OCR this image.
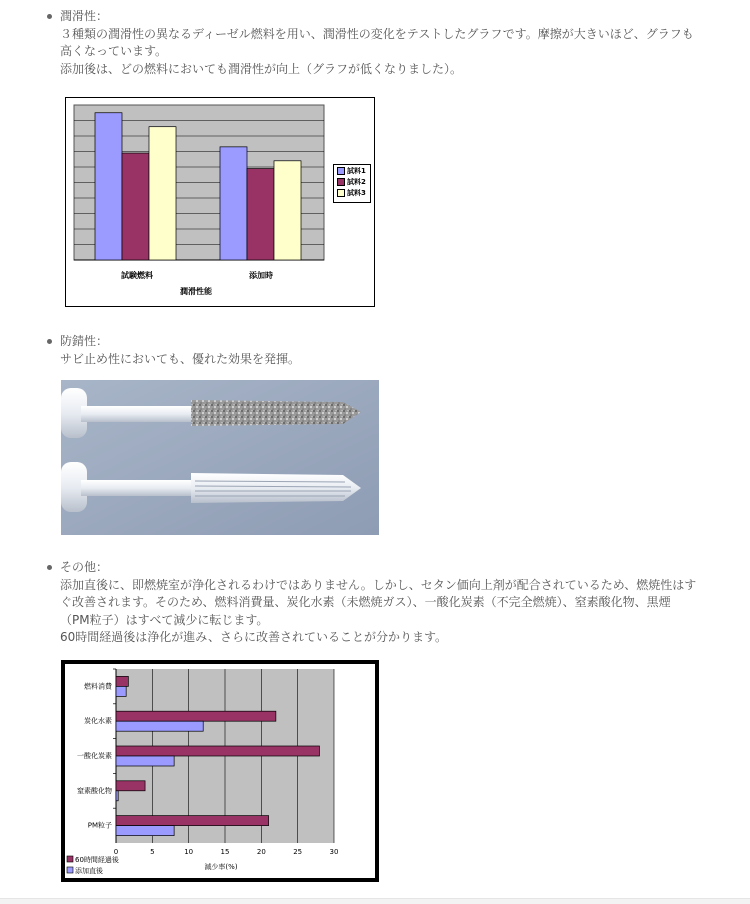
潤滑性：
３種類の潤滑性の異なるディーゼル燃料を用い、潤滑性の変化をテストしたグラフです。摩擦が大きいほど、グラフも
高くなっています。
添加後は、どの燃料においても潤滑性が向上（グラフが低くなりました）。
試験燃料	添加時
潤滑性能
試料1
試料2
試料3
防錆性：
サビ止め性においても、優れた効果を発揮。
その他：
添加直後に、即燃焼室が浄化されるわけではありません。しかし、セタン価向上剤が配合されているため、燃焼性はす
ぐ改善されます。そのため、燃料消費量、炭化水素（未燃焼ガス）、一酸化炭素（不完全燃焼）、窒素酸化物、黒煙
（PM粒子）はすべて減少に転じます。
60時間経過後は浄化が進み、さらに改善されていることが分かります。
燃料消費
炭化水素
一酸化炭素
窒素酸化物
PM粒子
0	5	10	15	20	25	30
減少率(%)
60時間経過後
添加直後
